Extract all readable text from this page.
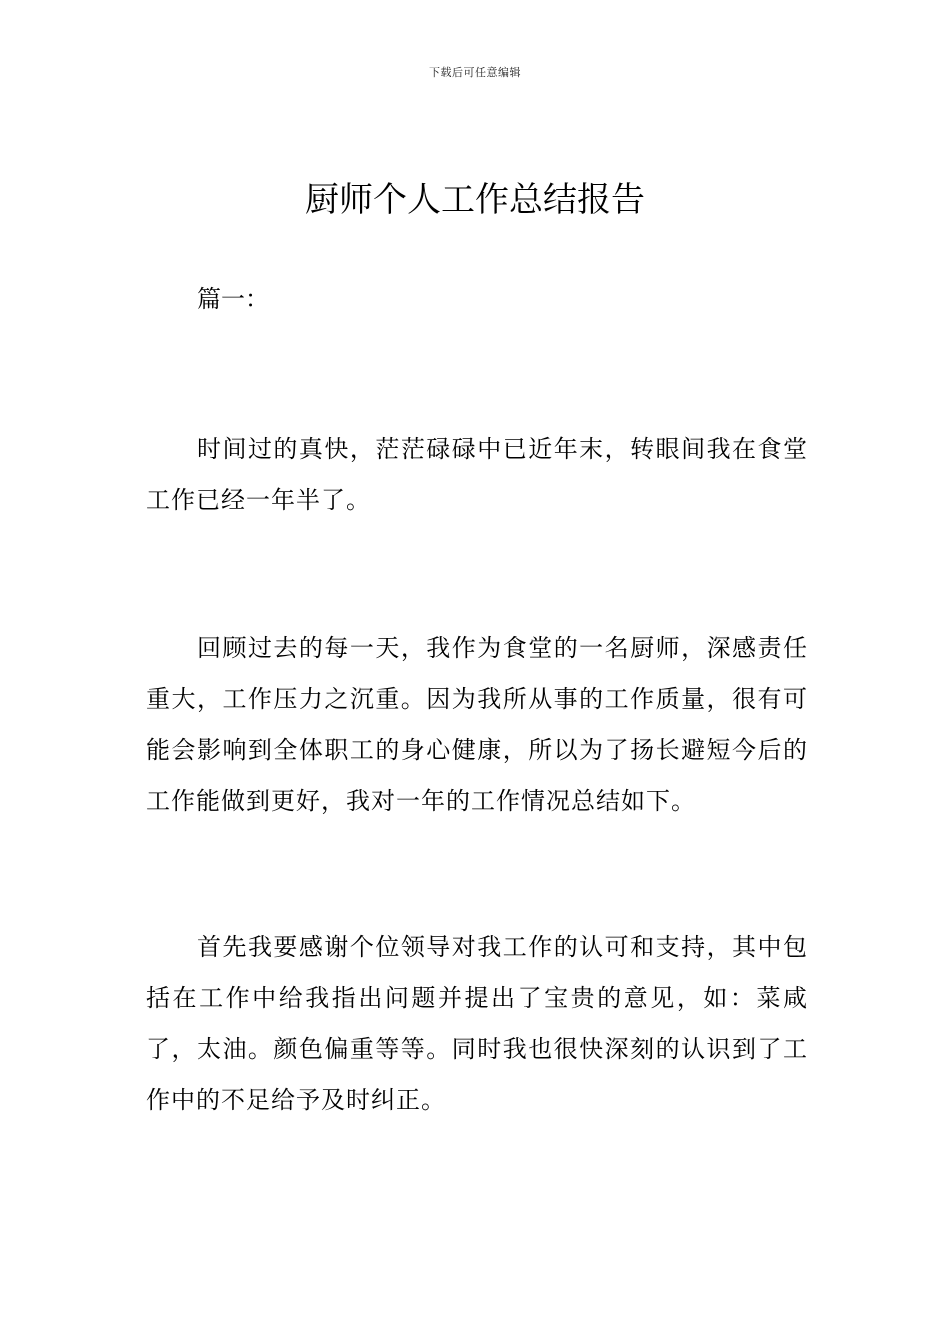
下载后可任意编辑
厨师个人工作总结报告
篇一：

时间过的真快，茫茫碌碌中已近年末，转眼间我在食堂工作已经一年半了。

回顾过去的每一天，我作为食堂的一名厨师，深感责任重大，工作压力之沉重。因为我所从事的工作质量，很有可能会影响到全体职工的身心健康，所以为了扬长避短今后的工作能做到更好，我对一年的工作情况总结如下。

首先我要感谢个位领导对我工作的认可和支持，其中包括在工作中给我指出问题并提出了宝贵的意见，如：菜咸了，太油。颜色偏重等等。同时我也很快深刻的认识到了工作中的不足给予及时纠正。
